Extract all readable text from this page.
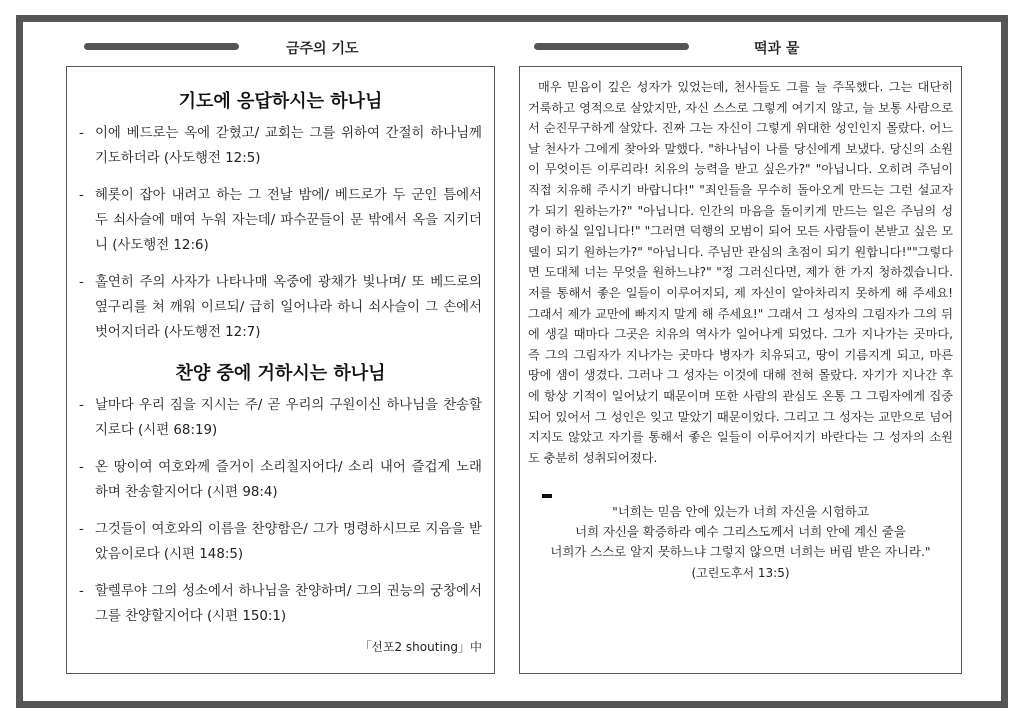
금주의 기도	떡과 물
기도에 응답하시는 하나님
- 이에 베드로는 옥에 갇혔고/ 교회는 그를 위하여 간절히 하나님께 기도하더라 (사도행전 12:5)
- 헤롯이 잡아 내려고 하는 그 전날 밤에/ 베드로가 두 군인 틈에서 두 쇠사슬에 매여 누워 자는데/ 파수꾼들이 문 밖에서 옥을 지키더니 (사도행전 12:6)
- 홀연히 주의 사자가 나타나매 옥중에 광채가 빛나며/ 또 베드로의 옆구리를 쳐 깨워 이르되/ 급히 일어나라 하니 쇠사슬이 그 손에서 벗어지더라 (사도행전 12:7)
찬양 중에 거하시는 하나님
- 날마다 우리 짐을 지시는 주/ 곧 우리의 구원이신 하나님을 찬송할지로다 (시편 68:19)
- 온 땅이여 여호와께 즐거이 소리칠지어다/ 소리 내어 즐겁게 노래하며 찬송할지어다 (시편 98:4)
- 그것들이 여호와의 이름을 찬양함은/ 그가 명령하시므로 지음을 받았음이로다 (시편 148:5)
- 할렐루야 그의 성소에서 하나님을 찬양하며/ 그의 권능의 궁창에서 그를 찬양할지어다 (시편 150:1)
「선포2 shouting」中

매우 믿음이 깊은 성자가 있었는데, 천사들도 그를 늘 주목했다. 그는 대단히 거룩하고 영적으로 살았지만, 자신 스스로 그렇게 여기지 않고, 늘 보통 사람으로서 순진무구하게 살았다. 진짜 그는 자신이 그렇게 위대한 성인인지 몰랐다. 어느 날 천사가 그에게 찾아와 말했다. "하나님이 나를 당신에게 보냈다. 당신의 소원이 무엇이든 이루리라! 치유의 능력을 받고 싶은가?" "아닙니다. 오히려 주님이 직접 치유해 주시기 바랍니다!" "죄인들을 무수히 돌아오게 만드는 그런 설교자가 되기 원하는가?" "아닙니다. 인간의 마음을 돌이키게 만드는 일은 주님의 성령이 하실 일입니다!" "그러면 덕행의 모범이 되어 모든 사람들이 본받고 싶은 모델이 되기 원하는가?" "아닙니다. 주님만 관심의 초점이 되기 원합니다!""그렇다면 도대체 너는 무엇을 원하느냐?" "정 그러신다면, 제가 한 가지 청하겠습니다. 저를 통해서 좋은 일들이 이루어지되, 제 자신이 알아차리지 못하게 해 주세요! 그래서 제가 교만에 빠지지 말게 해 주세요!" 그래서 그 성자의 그림자가 그의 뒤에 생길 때마다 그곳은 치유의 역사가 일어나게 되었다. 그가 지나가는 곳마다, 즉 그의 그림자가 지나가는 곳마다 병자가 치유되고, 땅이 기름지게 되고, 마른 땅에 샘이 생겼다. 그러나 그 성자는 이것에 대해 전혀 몰랐다. 자기가 지나간 후에 항상 기적이 일어났기 때문이며 또한 사람의 관심도 온통 그 그림자에게 집중되어 있어서 그 성인은 잊고 말았기 때문이었다. 그리고 그 성자는 교만으로 넘어지지도 않았고 자기를 통해서 좋은 일들이 이루어지기 바란다는 그 성자의 소원도 충분히 성취되어졌다.

"너희는 믿음 안에 있는가 너희 자신을 시험하고
너희 자신을 확증하라 예수 그리스도께서 너희 안에 계신 줄을
너희가 스스로 알지 못하느냐 그렇지 않으면 너희는 버림 받은 자니라."
(고린도후서 13:5)
